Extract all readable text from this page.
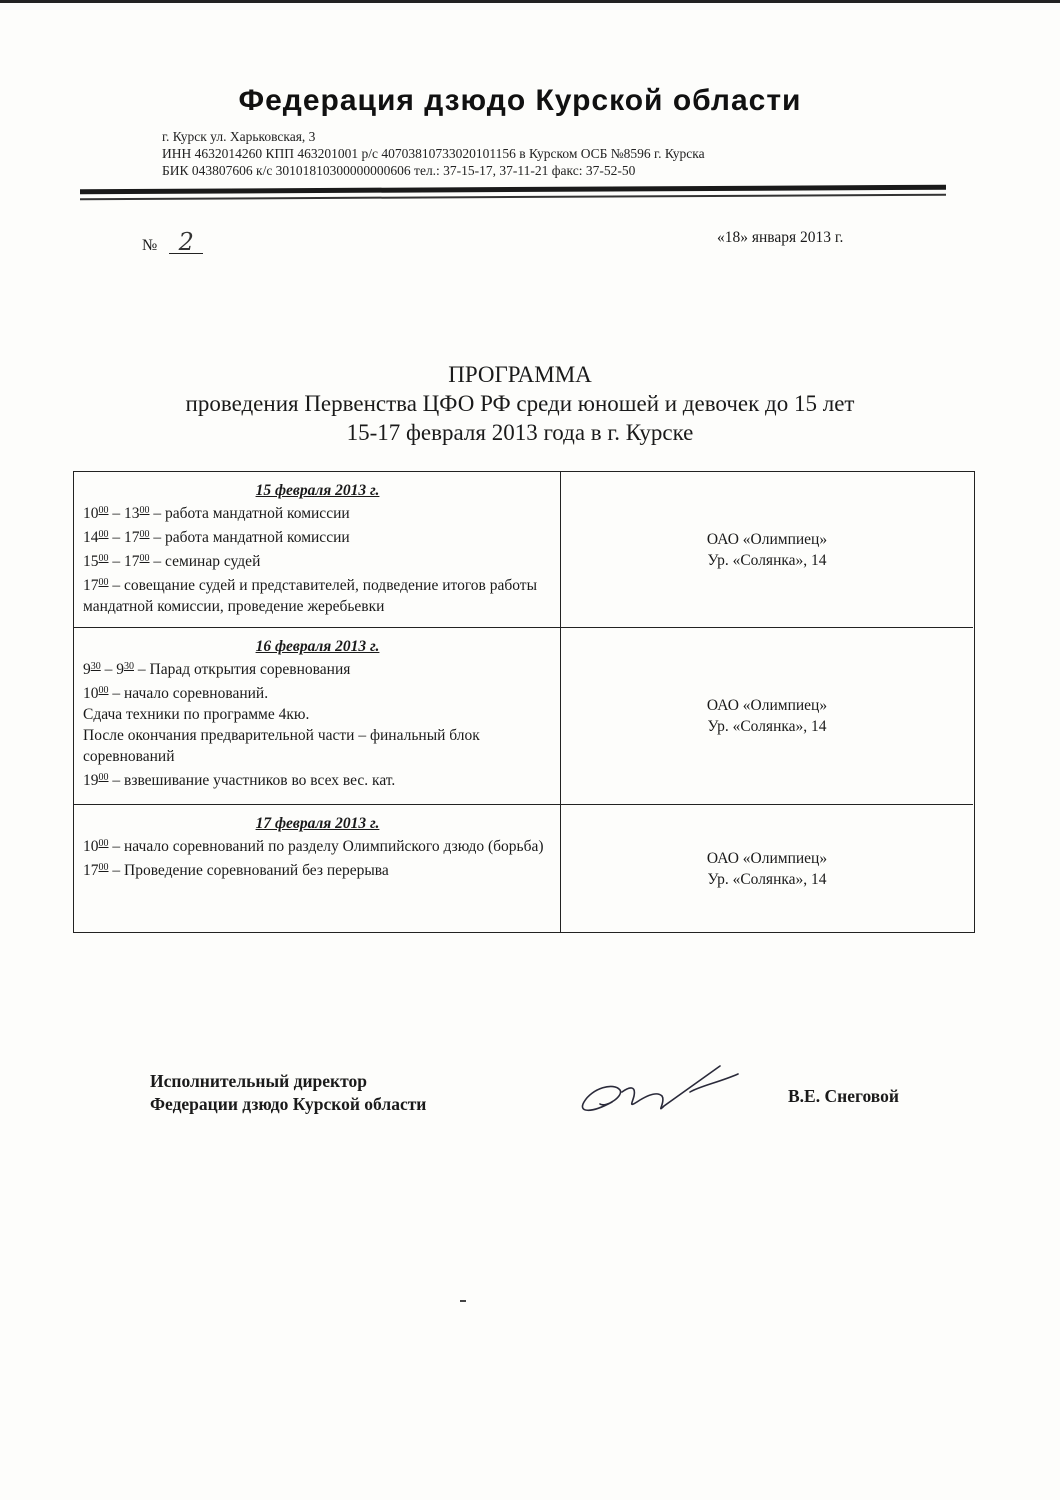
Федерация дзюдо Курской области
г. Курск ул. Харьковская, 3
ИНН 4632014260 КПП 463201001 р/с 40703810733020101156 в Курском ОСБ №8596 г. Курска
БИК 043807606 к/с 30101810300000000606 тел.: 37-15-17, 37-11-21 факс: 37-52-50
№ 2	«18» января 2013 г.
ПРОГРАММА
проведения Первенства ЦФО РФ среди юношей и девочек до 15 лет
15-17 февраля 2013 года в г. Курске
15 февраля 2013 г.
$10^{00} - 13^{00}$ – работа мандатной комиссии
$14^{00} - 17^{00}$ – работа мандатной комиссии
$15^{00} - 17^{00}$ – семинар судей
$17^{00}$ – совещание судей и представителей, подведение итогов работы мандатной комиссии, проведение жеребьевки
ОАО «Олимпиец»
Ур. «Солянка», 14
16 февраля 2013 г.
$9^{30} - 9^{30}$ – Парад открытия соревнования
$10^{00}$ – начало соревнований.
Сдача техники по программе 4кю.
После окончания предварительной части – финальный блок соревнований
$19^{00}$ – взвешивание участников во всех вес. кат.
ОАО «Олимпиец»
Ур. «Солянка», 14
17 февраля 2013 г.
$10^{00}$ – начало соревнований по разделу Олимпийского дзюдо (борьба)
$17^{00}$ – Проведение соревнований без перерыва
ОАО «Олимпиец»
Ур. «Солянка», 14
Исполнительный директор
Федерации дзюдо Курской области	В.Е. Снеговой
